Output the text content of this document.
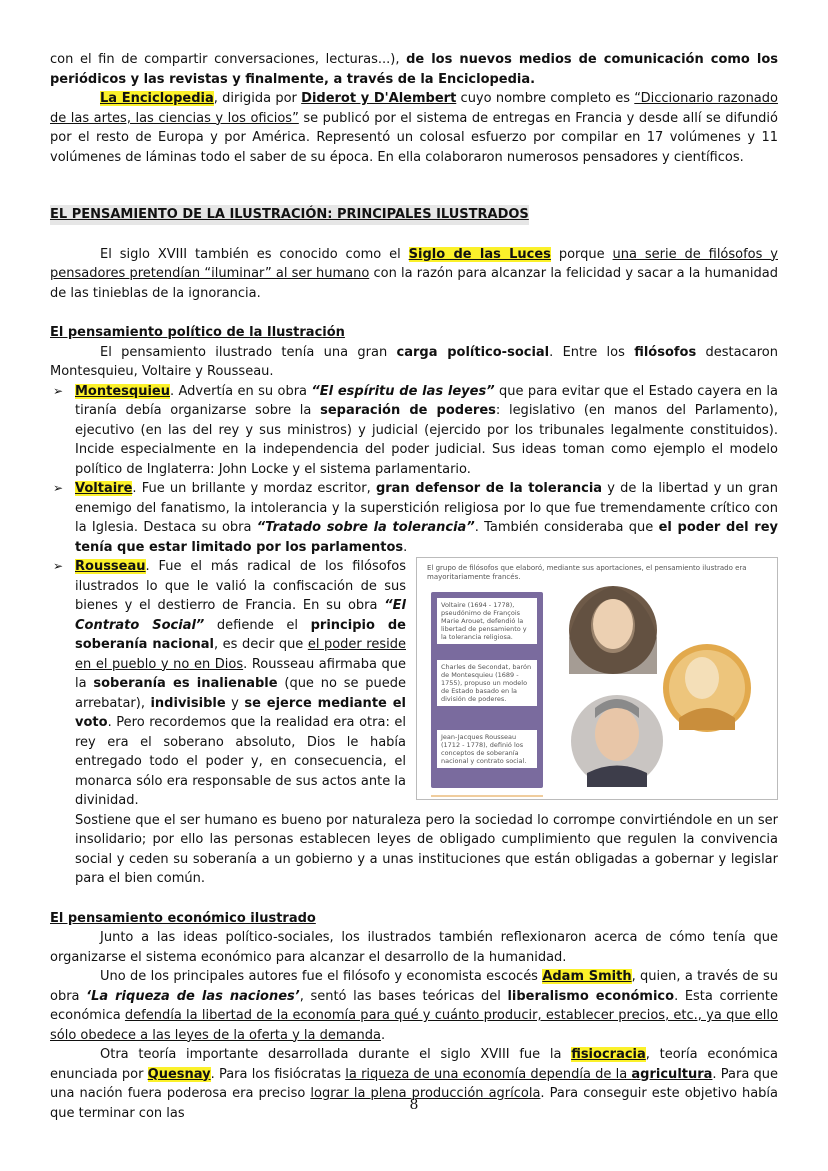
con el fin de compartir conversaciones, lecturas...), de los nuevos medios de comunicación como los periódicos y las revistas y finalmente, a través de la Enciclopedia.

La Enciclopedia, dirigida por Diderot y D'Alembert cuyo nombre completo es “Diccionario razonado de las artes, las ciencias y los oficios” se publicó por el sistema de entregas en Francia y desde allí se difundió por el resto de Europa y por América. Representó un colosal esfuerzo por compilar en 17 volúmenes y 11 volúmenes de láminas todo el saber de su época. En ella colaboraron numerosos pensadores y científicos.

EL PENSAMIENTO DE LA ILUSTRACIÓN: PRINCIPALES ILUSTRADOS

El siglo XVIII también es conocido como el Siglo de las Luces porque una serie de filósofos y pensadores pretendían “iluminar” al ser humano con la razón para alcanzar la felicidad y sacar a la humanidad de las tinieblas de la ignorancia.

El pensamiento político de la Ilustración

El pensamiento ilustrado tenía una gran carga político-social. Entre los filósofos destacaron Montesquieu, Voltaire y Rousseau.

➢ Montesquieu. Advertía en su obra “El espíritu de las leyes” que para evitar que el Estado cayera en la tiranía debía organizarse sobre la separación de poderes: legislativo (en manos del Parlamento), ejecutivo (en las del rey y sus ministros) y judicial (ejercido por los tribunales legalmente constituidos). Incide especialmente en la independencia del poder judicial. Sus ideas toman como ejemplo el modelo político de Inglaterra: John Locke y el sistema parlamentario.
➢ Voltaire. Fue un brillante y mordaz escritor, gran defensor de la tolerancia y de la libertad y un gran enemigo del fanatismo, la intolerancia y la superstición religiosa por lo que fue tremendamente crítico con la Iglesia. Destaca su obra “Tratado sobre la tolerancia”. También consideraba que el poder del rey tenía que estar limitado por los parlamentos.
➢	El grupo de filósofos que elaboró, mediante sus aportaciones, el pensamiento ilustrado era mayoritariamente francés.
Voltaire (1694 - 1778), pseudónimo de François Marie Arouet, defendió la libertad de pensamiento y la tolerancia religiosa.
Charles de Secondat, barón de Montesquieu (1689 - 1755), propuso un modelo de Estado basado en la división de poderes.
Jean-Jacques Rousseau (1712 - 1778), definió los conceptos de soberanía nacional y contrato social.
Rousseau. Fue el más radical de los filósofos ilustrados lo que le valió la confiscación de sus bienes y el destierro de Francia. En su obra “El Contrato Social” defiende el principio de soberanía nacional, es decir que el poder reside en el pueblo y no en Dios. Rousseau afirmaba que la soberanía es inalienable (que no se puede arrebatar), indivisible y se ejerce mediante el voto. Pero recordemos que la realidad era otra: el rey era el soberano absoluto, Dios le había entregado todo el poder y, en consecuencia, el monarca sólo era responsable de sus actos ante la divinidad.
Sostiene que el ser humano es bueno por naturaleza pero la sociedad lo corrompe convirtiéndole en un ser insolidario; por ello las personas establecen leyes de obligado cumplimiento que regulen la convivencia social y ceden su soberanía a un gobierno y a unas instituciones que están obligadas a gobernar y legislar para el bien común.
El pensamiento económico ilustrado

Junto a las ideas político-sociales, los ilustrados también reflexionaron acerca de cómo tenía que organizarse el sistema económico para alcanzar el desarrollo de la humanidad.

Uno de los principales autores fue el filósofo y economista escocés Adam Smith, quien, a través de su obra ‘La riqueza de las naciones’, sentó las bases teóricas del liberalismo económico. Esta corriente económica defendía la libertad de la economía para qué y cuánto producir, establecer precios, etc., ya que ello sólo obedece a las leyes de la oferta y la demanda.

Otra teoría importante desarrollada durante el siglo XVIII fue la fisiocracia, teoría económica enunciada por Quesnay. Para los fisiócratas la riqueza de una economía dependía de la agricultura. Para que una nación fuera poderosa era preciso lograr la plena producción agrícola. Para conseguir este objetivo había que terminar con las	8
